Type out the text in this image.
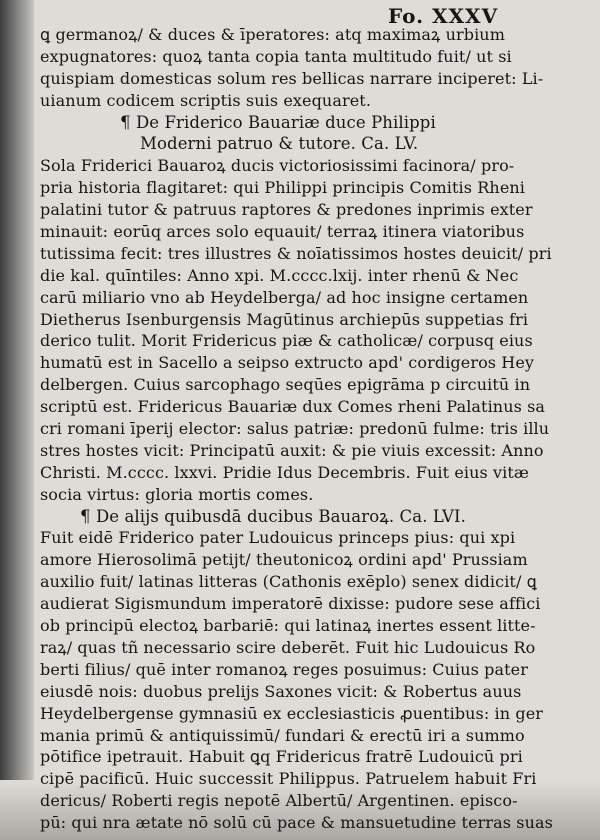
Fo. XXXV
ꝗ germanoꝝ/ & duces & īperatores: atq maximaꝝ urbium
expugnatores: quoꝝ tanta copia tanta multitudo fuit/ ut si
quispiam domesticas solum res bellicas narrare inciperet: Li-
uianum codicem scriptis suis exequaret.
¶ De Friderico Bauariæ duce Philippi
Moderni patruo & tutore. Ca. LV.
Sola Friderici Bauaroꝝ ducis victoriosissimi facinora/ pro-
pria historia flagitaret: qui Philippi principis Comitis Rheni
palatini tutor & patruus raptores & predones inprimis exter
minauit: eorūq arces solo equauit/ terraꝝ itinera viatoribus
tutissima fecit: tres illustres & noīatissimos hostes deuicit/ pri
die kal. quīntiles: Anno xpi. M.cccc.lxij. inter rhenū & Nec
carū miliario vno ab Heydelberga/ ad hoc insigne certamen
Dietherus Isenburgensis Magūtinus archiepūs suppetias fri
derico tulit. Morit Fridericus piæ & catholicæ/ corpusq eius
humatū est in Sacello a seipso extructo apd' cordigeros Hey
delbergen. Cuius sarcophago seqūes epigrāma p circuitū in
scriptū est. Fridericus Bauariæ dux Comes rheni Palatinus sa
cri romani īperij elector: salus patriæ: predonū fulme: tris illu
stres hostes vicit: Principatū auxit: & pie viuis excessit: Anno
Christi. M.cccc. lxxvi. Pridie Idus Decembris. Fuit eius vitæ
socia virtus: gloria mortis comes.
¶ De alijs quibusdā ducibus Bauaroꝝ. Ca. LVI.
Fuit eidē Friderico pater Ludouicus princeps pius: qui xpi
amore Hierosolimā petijt/ theutonicoꝝ ordini apd' Prussiam
auxilio fuit/ latinas litteras (Cathonis exēplo) senex didicit/ ꝗ
audierat Sigismundum imperatorē dixisse: pudore sese affici
ob principū electoꝝ barbariē: qui latinaꝝ inertes essent litte-
raꝝ/ quas tñ necessario scire deberēt. Fuit hic Ludouicus Ro
berti filius/ quē inter romanoꝝ reges posuimus: Cuius pater
eiusdē nois: duobus prelijs Saxones vicit: & Robertus auus
Heydelbergense gymnasiū ex ecclesiasticis ꝓuentibus: in ger
mania primū & antiquissimū/ fundari & erectū iri a summo
pōtifice ipetrauit. Habuit ꝗq Fridericus fratrē Ludouicū pri
cipē pacificū. Huic successit Philippus. Patruelem habuit Fri
dericus/ Roberti regis nepotē Albertū/ Argentinen. episco-
pū: qui nra ætate nō solū cū pace & mansuetudine terras suas
